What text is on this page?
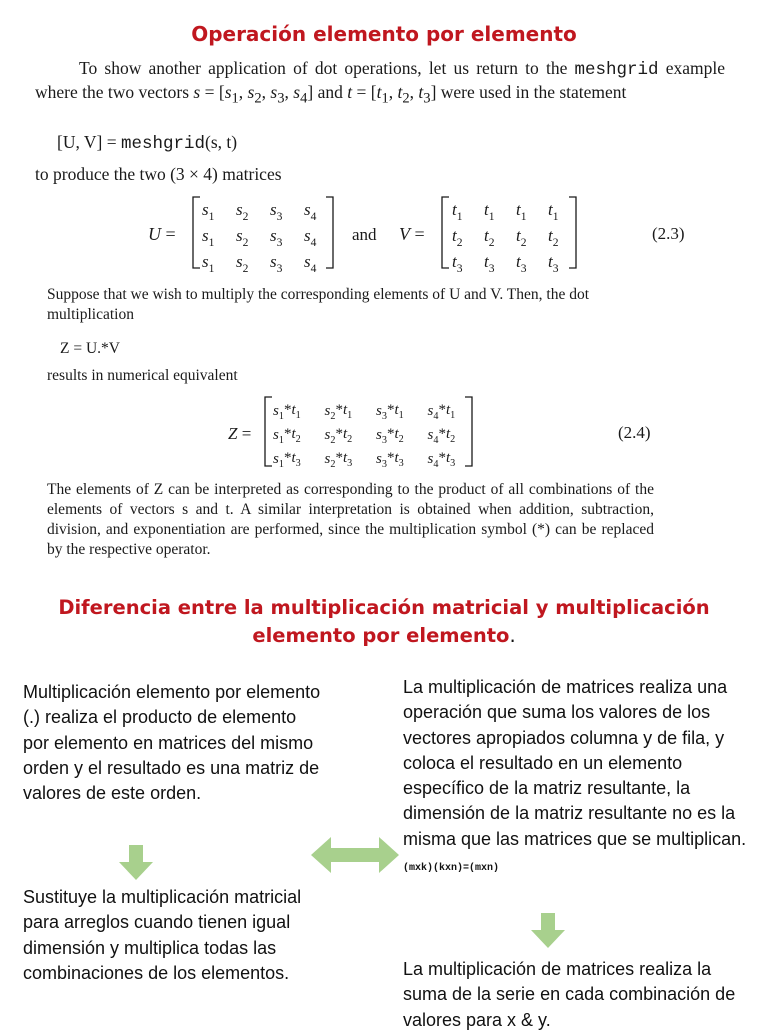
Operación elemento por elemento

To show another application of dot operations, let us return to the meshgrid example where the two vectors $s = [s_1$, $s_2$, $s_3$, $s_4$] and $t = [t_1$, $t_2$, $t_3$] were used in the statement

[U, V] = meshgrid(s, t)
to produce the two (3 × 4) matrices
U =
$s_1$ $s_2$ $s_3$ $s_4$
$s_1$ $s_2$ $s_3$ $s_4$
$s_1$ $s_2$ $s_3$ $s_4$
and V =
$t_1$ $t_1$ $t_1$ $t_1$
$t_2$ $t_2$ $t_2$ $t_2$
$t_3$ $t_3$ $t_3$ $t_3$
(2.3)

Suppose that we wish to multiply the corresponding elements of U and V. Then, the dot multiplication

Z = U.*V
results in numerical equivalent
Z =
$s_1*t_1$ $s_2*t_1$ $s_3*t_1$ $s_4*t_1$
$s_1*t_2$ $s_2*t_2$ $s_3*t_2$ $s_4*t_2$
$s_1*t_3$ $s_2*t_3$ $s_3*t_3$ $s_4*t_3$
(2.4)

The elements of Z can be interpreted as corresponding to the product of all combinations of the elements of vectors s and t. A similar interpretation is obtained when addition, subtraction, division, and exponentiation are performed, since the multiplication symbol (*) can be replaced by the respective operator.

Diferencia entre la multiplicación matricial y multiplicación
elemento por elemento.

Multiplicación elemento por elemento (.) realiza el producto de elemento por elemento en matrices del mismo orden y el resultado es una matriz de valores de este orden.

Sustituye la multiplicación matricial para arreglos cuando tienen igual dimensión y multiplica todas las combinaciones de los elementos.

La multiplicación de matrices realiza una operación que suma los valores de los vectores apropiados columna y de fila, y coloca el resultado en un elemento específico de la matriz resultante, la dimensión de la matriz resultante no es la misma que las matrices que se multiplican. (mxk)(kxn)=(mxn)

La multiplicación de matrices realiza la suma de la serie en cada combinación de valores para x & y.
